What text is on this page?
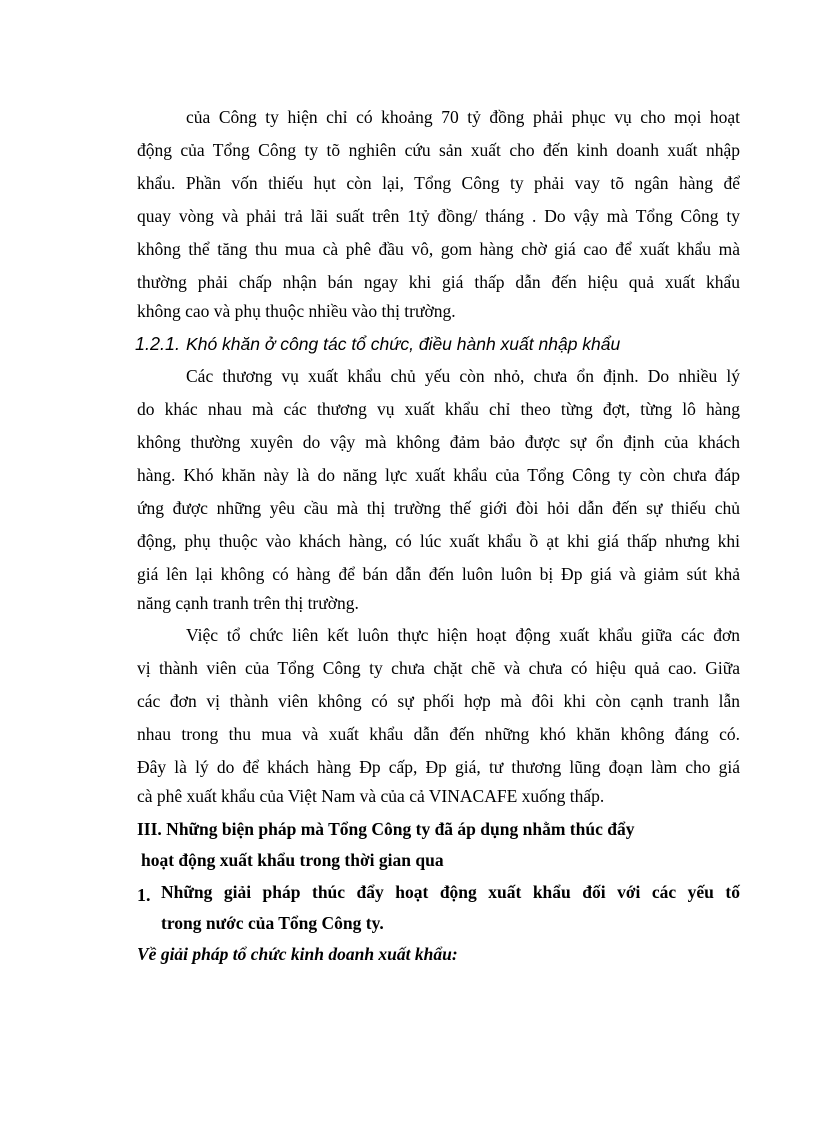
của Công ty hiện chỉ có khoảng 70 tỷ đồng phải phục vụ cho mọi hoạt
động của Tổng Công ty tõ nghiên cứu sản xuất cho đến kinh doanh xuất nhập
khẩu. Phần vốn thiếu hụt còn lại, Tổng Công ty phải vay tõ ngân hàng để
quay vòng và phải trả lãi suất trên 1tỷ đồng/ tháng . Do vậy mà Tổng Công ty
không thể tăng thu mua cà phê đầu vô, gom hàng chờ giá cao để xuất khẩu mà
thường phải chấp nhận bán ngay khi giá thấp dẫn đến hiệu quả xuất khẩu
không cao và phụ thuộc nhiều vào thị trường.
1.2.1. Khó khăn ở công tác tổ chức, điều hành xuất nhập khẩu
Các thương vụ xuất khẩu chủ yếu còn nhỏ, chưa ổn định. Do nhiều lý
do khác nhau mà các thương vụ xuất khẩu chỉ theo từng đợt, từng lô hàng
không thường xuyên do vậy mà không đảm bảo được sự ổn định của khách
hàng. Khó khăn này là do năng lực xuất khẩu của Tổng Công ty còn chưa đáp
ứng được những yêu cầu mà thị trường thế giới đòi hỏi dẫn đến sự thiếu chủ
động, phụ thuộc vào khách hàng, có lúc xuất khẩu ồ ạt khi giá thấp nhưng khi
giá lên lại không có hàng để bán dẫn đến luôn luôn bị Ðp giá và giảm sút khả
năng cạnh tranh trên thị trường.
Việc tổ chức liên kết luôn thực hiện hoạt động xuất khẩu giữa các đơn
vị thành viên của Tổng Công ty chưa chặt chẽ và chưa có hiệu quả cao. Giữa
các đơn vị thành viên không có sự phối hợp mà đôi khi còn cạnh tranh lẫn
nhau trong thu mua và xuất khẩu dẫn đến những khó khăn không đáng có.
Đây là lý do để khách hàng Ðp cấp, Ðp giá, tư thương lũng đoạn làm cho giá
cà phê xuất khẩu của Việt Nam và của cả VINACAFE xuống thấp.
III. Những biện pháp mà Tổng Công ty đã áp dụng nhằm thúc đẩy
hoạt động xuất khẩu trong thời gian qua
1. Những giải pháp thúc đẩy hoạt động xuất khẩu đối với các yếu tố
trong nước của Tổng Công ty.
Về giải pháp tổ chức kinh doanh xuất khẩu:
